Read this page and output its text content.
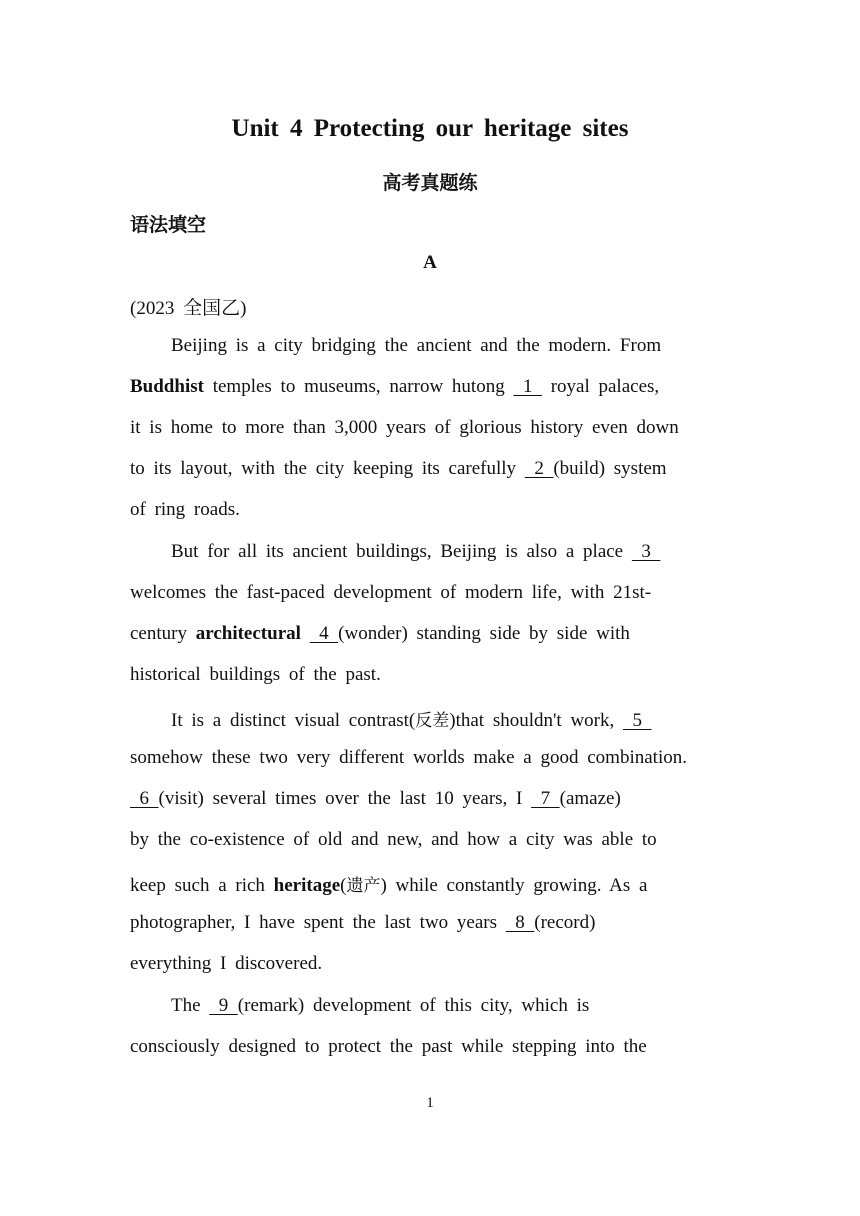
Unit 4 Protecting our heritage sites
高考真题练
语法填空
A
(2023 全国乙)
Beijing is a city bridging the ancient and the modern. From
Buddhist temples to museums, narrow hutong   1   royal palaces,
it is home to more than 3,000 years of glorious history even down
to its layout, with the city keeping its carefully   2  (build) system
of ring roads.
But for all its ancient buildings, Beijing is also a place   3
welcomes the fast-paced development of modern life, with 21st-
century architectural   4  (wonder) standing side by side with
historical buildings of the past.
It is a distinct visual contrast(反差)that shouldn't work,   5
somehow these two very different worlds make a good combination.
6  (visit) several times over the last 10 years, I   7  (amaze)
by the co-existence of old and new, and how a city was able to
keep such a rich heritage(遗产) while constantly growing. As a
photographer, I have spent the last two years   8  (record)
everything I discovered.
The   9  (remark) development of this city, which is
consciously designed to protect the past while stepping into the
1
